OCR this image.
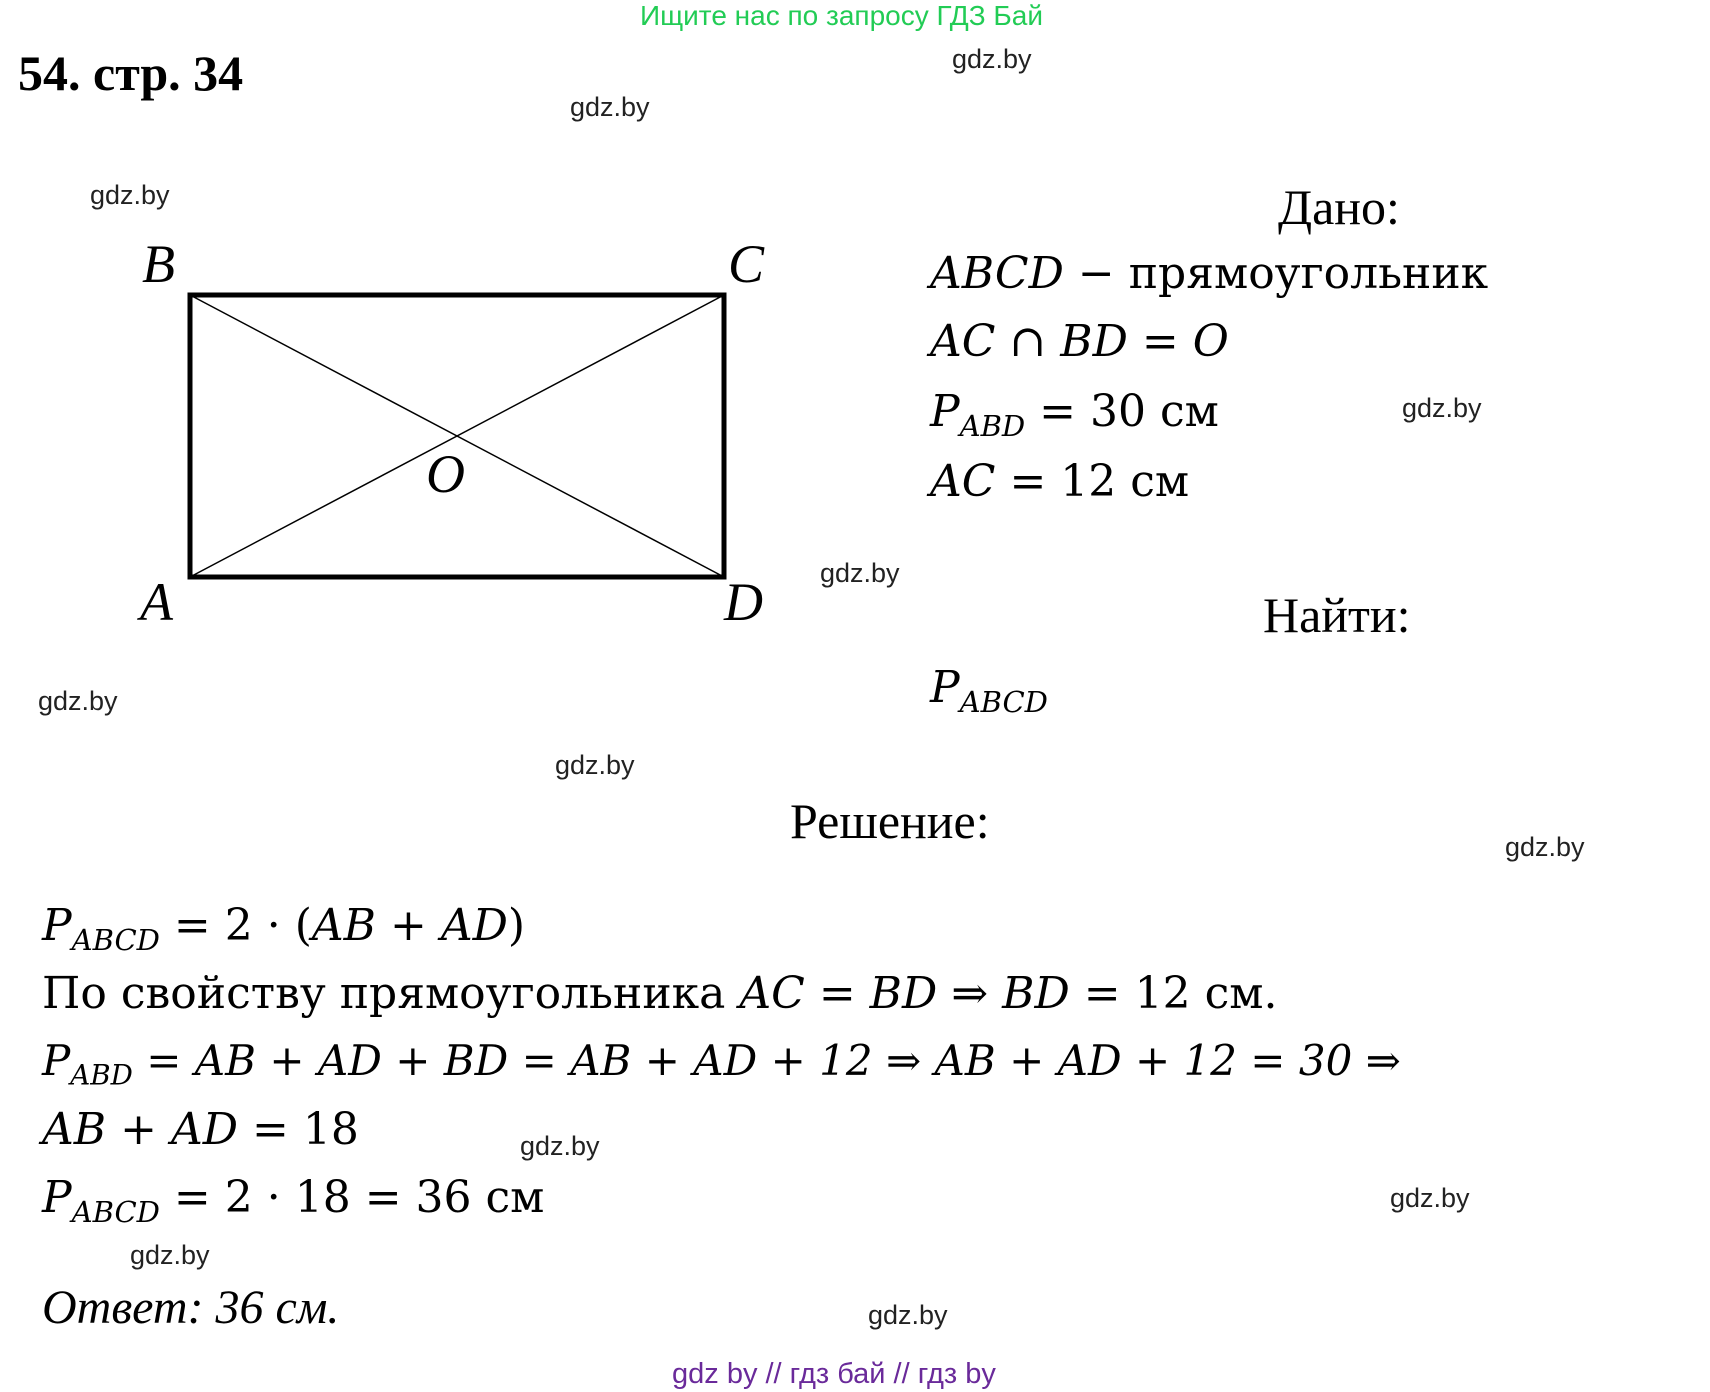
Ищите нас по запросу ГДЗ Бай
54. стр. 34	gdz.by
gdz.by
gdz.by
gdz.by
gdz.by
gdz.by
gdz.by
gdz.by
gdz.by
gdz.by
gdz.by
gdz.by
B	C
A	D
O
Дано:
ABCD − прямоугольник
AC ∩ BD = O
$P_{ABD} = 30$ см
AC = 12 см
Найти:
$P_{ABCD}$
Решение:
$P_{ABCD} = 2 \cdot (AB + AD)$
По свойству прямоугольника AC = BD ⇒ BD = 12 см.
$P_{ABD}$ = AB + AD + BD = AB + AD + 12 ⇒ AB + AD + 12 = 30 ⇒
AB + AD = 18
$P_{ABCD} = 2 \cdot 18 = 36$ см
Ответ: 36 см.
gdz by // гдз бай // гдз by
